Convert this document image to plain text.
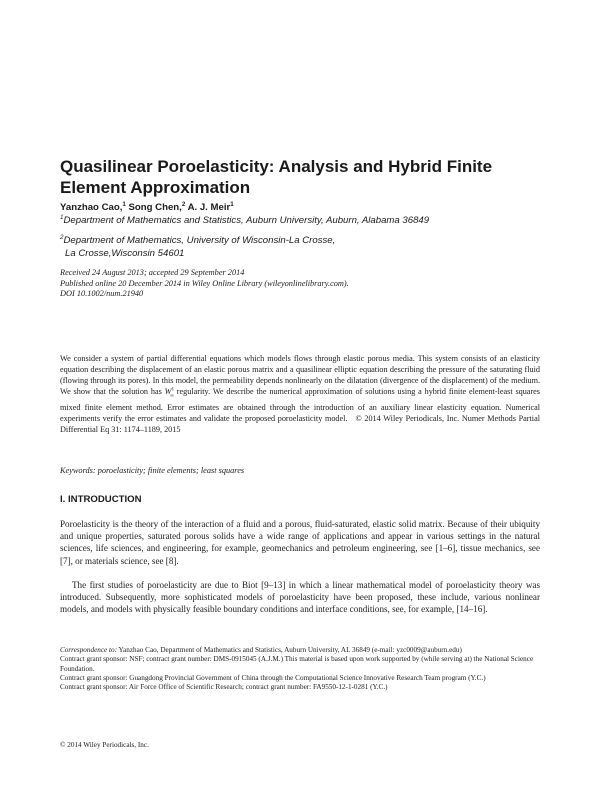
Quasilinear Poroelasticity: Analysis and Hybrid Finite Element Approximation
Yanzhao Cao,$^1$ Song Chen,$^2$ A. J. Meir$^1$
$^1$Department of Mathematics and Statistics, Auburn University, Auburn, Alabama 36849
$^2$Department of Mathematics, University of Wisconsin-La Crosse,
La Crosse,Wisconsin 54601
Received 24 August 2013; accepted 29 September 2014
Published online 20 December 2014 in Wiley Online Library (wileyonlinelibrary.com).
DOI 10.1002/num.21940
We consider a system of partial differential equations which models flows through elastic porous media. This system consists of an elasticity equation describing the displacement of an elastic porous matrix and a quasilinear elliptic equation describing the pressure of the saturating fluid (flowing through its pores). In this model, the permeability depends nonlinearly on the dilatation (divergence of the displacement) of the medium. We show that the solution has $W^1_\infty$ regularity. We describe the numerical approximation of solutions using a hybrid finite element-least squares mixed finite element method. Error estimates are obtained through the introduction of an auxiliary linear elasticity equation. Numerical experiments verify the error estimates and validate the proposed poroelasticity model. © 2014 Wiley Periodicals, Inc. Numer Methods Partial Differential Eq 31: 1174–1189, 2015
Keywords: poroelasticity; finite elements; least squares
I. INTRODUCTION
Poroelasticity is the theory of the interaction of a fluid and a porous, fluid-saturated, elastic solid matrix. Because of their ubiquity and unique properties, saturated porous solids have a wide range of applications and appear in various settings in the natural sciences, life sciences, and engineering, for example, geomechanics and petroleum engineering, see [1–6], tissue mechanics, see [7], or materials science, see [8].
The first studies of poroelasticity are due to Biot [9–13] in which a linear mathematical model of poroelasticity theory was introduced. Subsequently, more sophisticated models of poroelasticity have been proposed, these include, various nonlinear models, and models with physically feasible boundary conditions and interface conditions, see, for example, [14–16].

Correspondence to: Yanzhao Cao, Department of Mathematics and Statistics, Auburn University, AL 36849 (e-mail: yzc0009@auburn.edu)

Contract grant sponsor: NSF; contract grant number: DMS-0915045 (A.J.M.) This material is based upon work supported by (while serving at) the National Science Foundation.

Contract grant sponsor: Guangdong Provincial Government of China through the Computational Science Innovative Research Team program (Y.C.)

Contract grant sponsor: Air Force Office of Scientific Research; contract grant number: FA9550-12-1-0281 (Y.C.)

© 2014 Wiley Periodicals, Inc.
